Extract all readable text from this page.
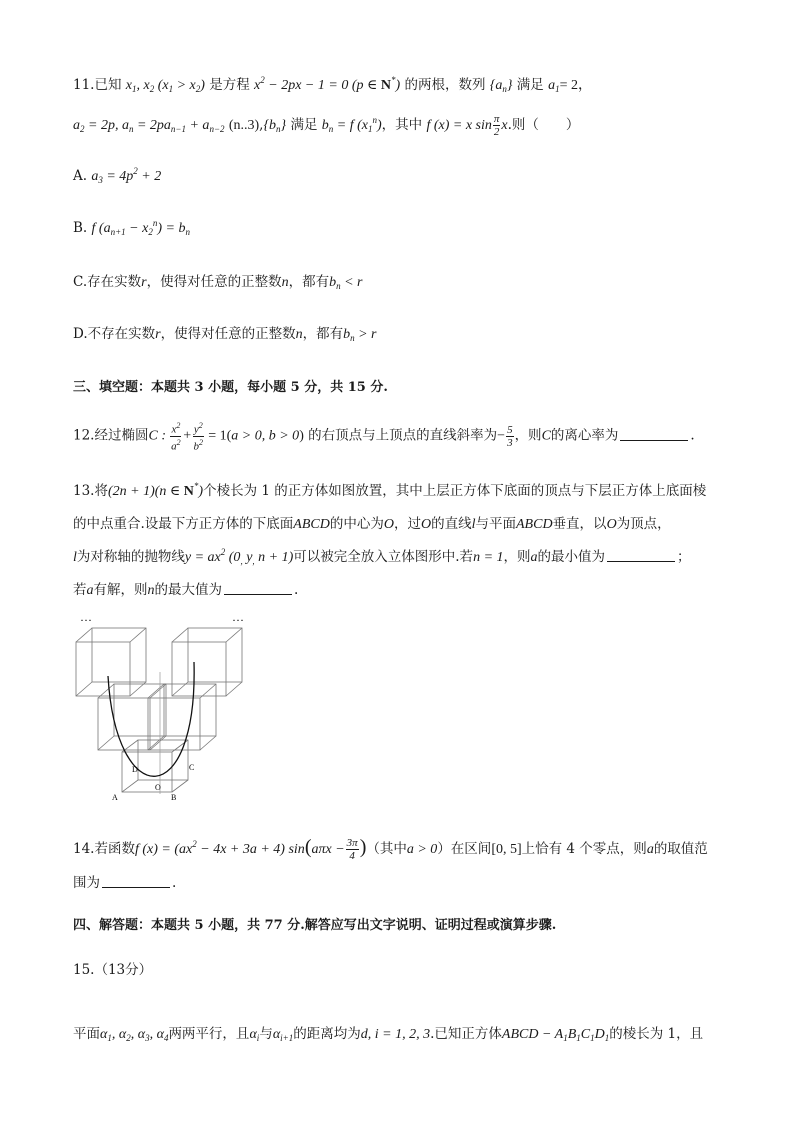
11.已知 $x_1$, $x_2$ $(x_1 > x_2)$ 是方程 $x^2 - 2px - 1 = 0$ (p ∈ N*) 的两根，数列 $\{a_n\}$ 满足 $a_1= 2$，
$a_2 = 2p$, $a_n = 2pa_{n-1} + a_{n-2}$ $(n..3),\{b_n\}$ 满足 $b_n = f$ $(x_1^n)$，其中 f (x) = x $\sin \frac{\pi}{2} x$.则（　　）
A. $a_3 = 4p^2 + 2$
B. f $(a_{n+1} - x_2^n) = b_n$
C.存在实数r，使得对任意的正整数n，都有$b_n < r$
D.不存在实数r，使得对任意的正整数n，都有$b_n > r$
三、填空题：本题共 3 小题，每小题 5 分，共 15 分.
12.经过椭圆C : $\frac{x^2}{a^2} + \frac{y^2}{b^2} = 1(a > 0$, b > 0) 的右顶点与上顶点的直线斜率为− $\frac{5}{3}$ ，则C的离心率为	.
13.将(2n + 1)(n ∈ N*)个棱长为 1 的正方体如图放置，其中上层正方体下底面的顶点与下层正方体上底面棱
的中点重合.设最下方正方体的下底面ABCD的中心为O，过O的直线l与平面ABCD垂直，以O为顶点，
l为对称轴的抛物线$y = ax^2$ ($0_,$ $y_,$ n + 1)可以被完全放入立体图形中.若n = 1，则a的最小值为	；
若a有解，则n的最大值为	.
···	···
A	B
C
D
O
14.若函数f $(x) = (ax^2 - 4x + 3a + 4) \sin(a\pi x - \frac{3\pi}{4}$ )（其中a > 0）在区间[0, 5]上恰有 4 个零点，则a的取值范
围为	.
四、解答题：本题共 5 小题，共 77 分.解答应写出文字说明、证明过程或演算步骤.
15.（13分）
平面$\alpha_1$, $\alpha_2$, $\alpha_3$, $\alpha_4$两两平行，且$\alpha_i$与$\alpha_{i+1}$的距离均为d, i = 1, 2, 3.已知正方体ABCD − $A_1B_1C_1D_1$的棱长为 1，且
